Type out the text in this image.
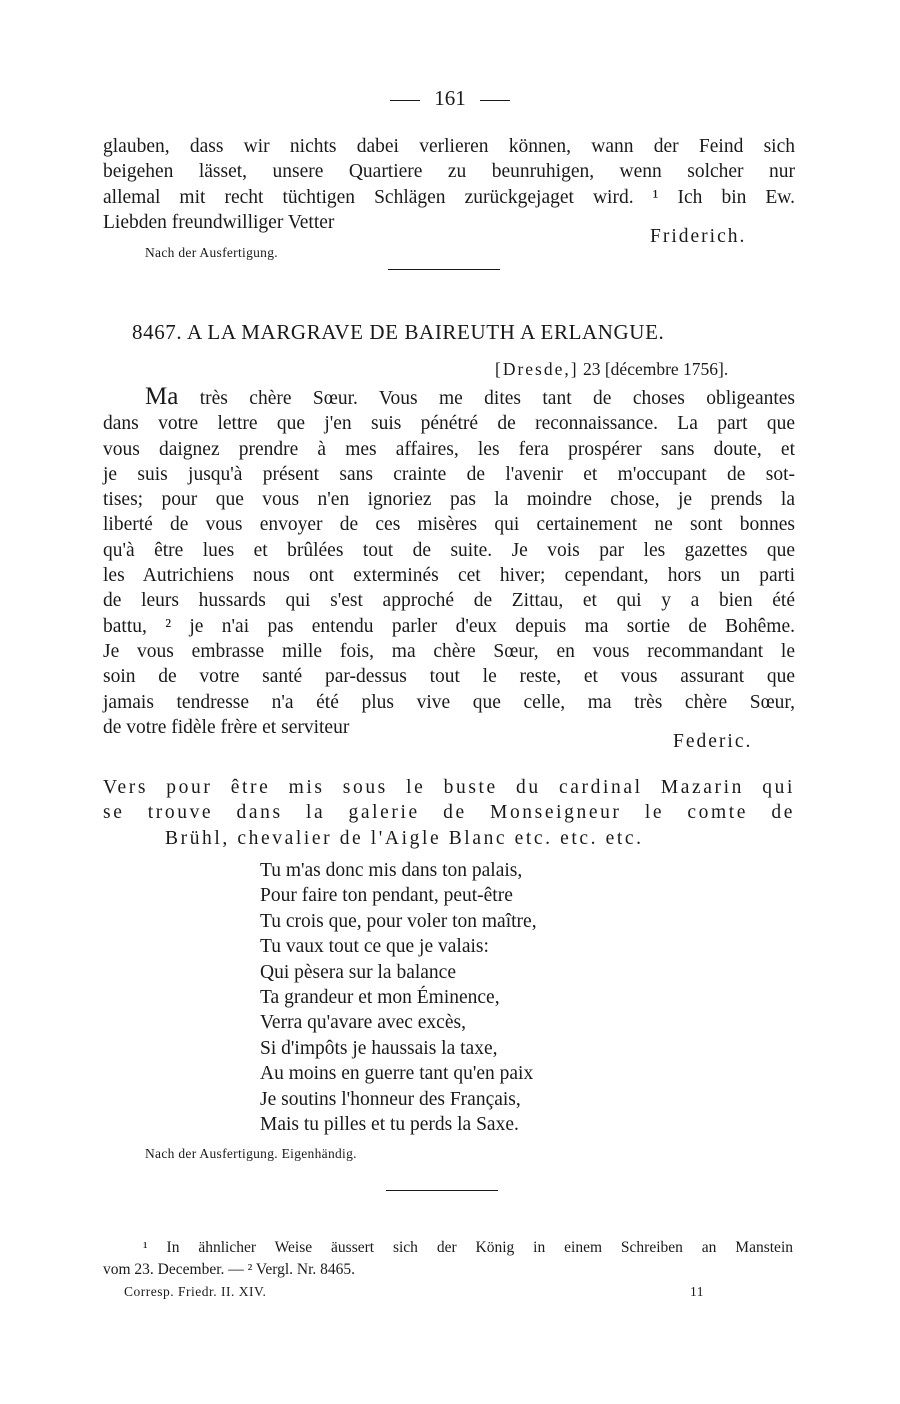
161
glauben, dass wir nichts dabei verlieren können, wann der Feind sich
beigehen lässet, unsere Quartiere zu beunruhigen, wenn solcher nur
allemal mit recht tüchtigen Schlägen zurückgejaget wird. ¹ Ich bin Ew.
Liebden freundwilliger Vetter
Friderich.
Nach der Ausfertigung.
8467. A LA MARGRAVE DE BAIREUTH A ERLANGUE.
[Dresde,] 23 [décembre 1756].
Ma très chère Sœur. Vous me dites tant de choses obligeantes
dans votre lettre que j'en suis pénétré de reconnaissance. La part que
vous daignez prendre à mes affaires, les fera prospérer sans doute, et
je suis jusqu'à présent sans crainte de l'avenir et m'occupant de sot-
tises; pour que vous n'en ignoriez pas la moindre chose, je prends la
liberté de vous envoyer de ces misères qui certainement ne sont bonnes
qu'à être lues et brûlées tout de suite. Je vois par les gazettes que
les Autrichiens nous ont exterminés cet hiver; cependant, hors un parti
de leurs hussards qui s'est approché de Zittau, et qui y a bien été
battu, ² je n'ai pas entendu parler d'eux depuis ma sortie de Bohême.
Je vous embrasse mille fois, ma chère Sœur, en vous recommandant le
soin de votre santé par-dessus tout le reste, et vous assurant que
jamais tendresse n'a été plus vive que celle, ma très chère Sœur,
de votre fidèle frère et serviteur
Federic.
Vers pour être mis sous le buste du cardinal Mazarin qui
se trouve dans la galerie de Monseigneur le comte de
Brühl, chevalier de l'Aigle Blanc etc. etc. etc.
Tu m'as donc mis dans ton palais,
Pour faire ton pendant, peut-être
Tu crois que, pour voler ton maître,
Tu vaux tout ce que je valais:
Qui pèsera sur la balance
Ta grandeur et mon Éminence,
Verra qu'avare avec excès,
Si d'impôts je haussais la taxe,
Au moins en guerre tant qu'en paix
Je soutins l'honneur des Français,
Mais tu pilles et tu perds la Saxe.
Nach der Ausfertigung. Eigenhändig.
¹ In ähnlicher Weise äussert sich der König in einem Schreiben an Manstein
vom 23. December. — ² Vergl. Nr. 8465.
Corresp. Friedr. II. XIV.	11
